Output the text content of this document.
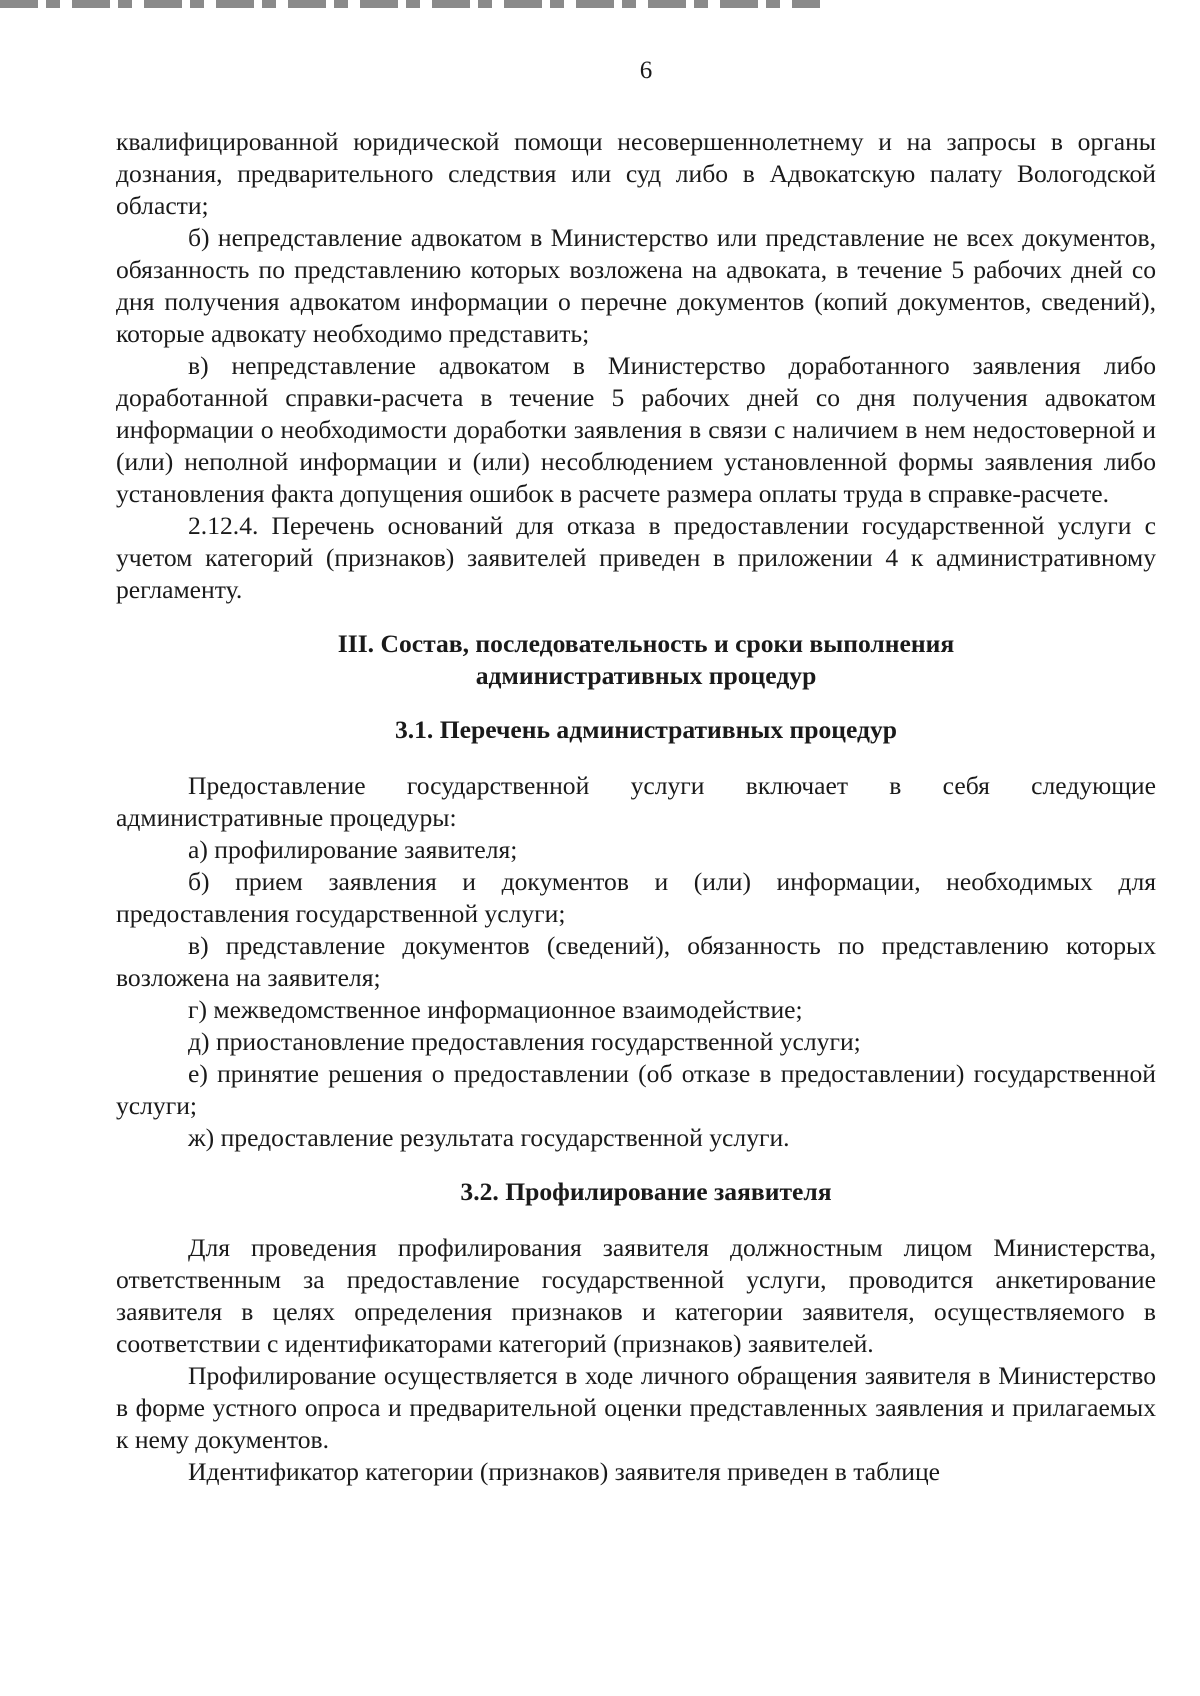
6

квалифицированной юридической помощи несовершеннолетнему и на запросы в органы дознания, предварительного следствия или суд либо в Адвокатскую палату Вологодской области;

б) непредставление адвокатом в Министерство или представление не всех документов, обязанность по представлению которых возложена на адвоката, в течение 5 рабочих дней со дня получения адвокатом информации о перечне документов (копий документов, сведений), которые адвокату необходимо представить;

в) непредставление адвокатом в Министерство доработанного заявления либо доработанной справки-расчета в течение 5 рабочих дней со дня получения адвокатом информации о необходимости доработки заявления в связи с наличием в нем недостоверной и (или) неполной информации и (или) несоблюдением установленной формы заявления либо установления факта допущения ошибок в расчете размера оплаты труда в справке-расчете.

2.12.4. Перечень оснований для отказа в предоставлении государственной услуги с учетом категорий (признаков) заявителей приведен в приложении 4 к административному регламенту.

III. Состав, последовательность и сроки выполнения
административных процедур
3.1. Перечень административных процедур

Предоставление государственной услуги включает в себя следующие административные процедуры:

а) профилирование заявителя;

б) прием заявления и документов и (или) информации, необходимых для предоставления государственной услуги;

в) представление документов (сведений), обязанность по представлению которых возложена на заявителя;

г) межведомственное информационное взаимодействие;

д) приостановление предоставления государственной услуги;

е) принятие решения о предоставлении (об отказе в предоставлении) государственной услуги;

ж) предоставление результата государственной услуги.

3.2. Профилирование заявителя

Для проведения профилирования заявителя должностным лицом Министерства, ответственным за предоставление государственной услуги, проводится анкетирование заявителя в целях определения признаков и категории заявителя, осуществляемого в соответствии с идентификаторами категорий (признаков) заявителей.

Профилирование осуществляется в ходе личного обращения заявителя в Министерство в форме устного опроса и предварительной оценки представленных заявления и прилагаемых к нему документов.

Идентификатор категории (признаков) заявителя приведен в таблице
